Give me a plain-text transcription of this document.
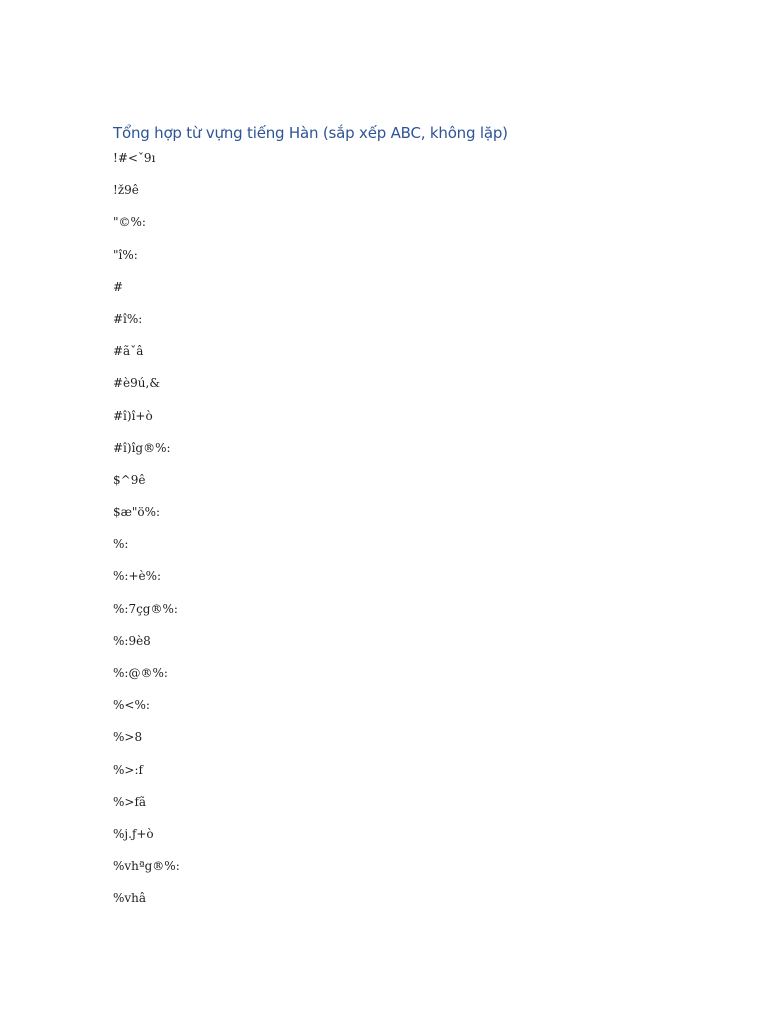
Tổng hợp từ vựng tiếng Hàn (sắp xếp ABC, không lặp)
!#<ˇ9ı
!ž9ê
"©%:
"î%:
#
#î%:
#ãˇâ
#è9ú,&
#î)î+ò
#î)îg®%:
$^9ê
$æ"ö%:
%:
%:+è%:
%:7çg®%:
%:9è8
%:@®%:
%<%:
%>8
%>:f
%>fã
%j.ƒ+ò
%vhªg®%:
%vhâ
